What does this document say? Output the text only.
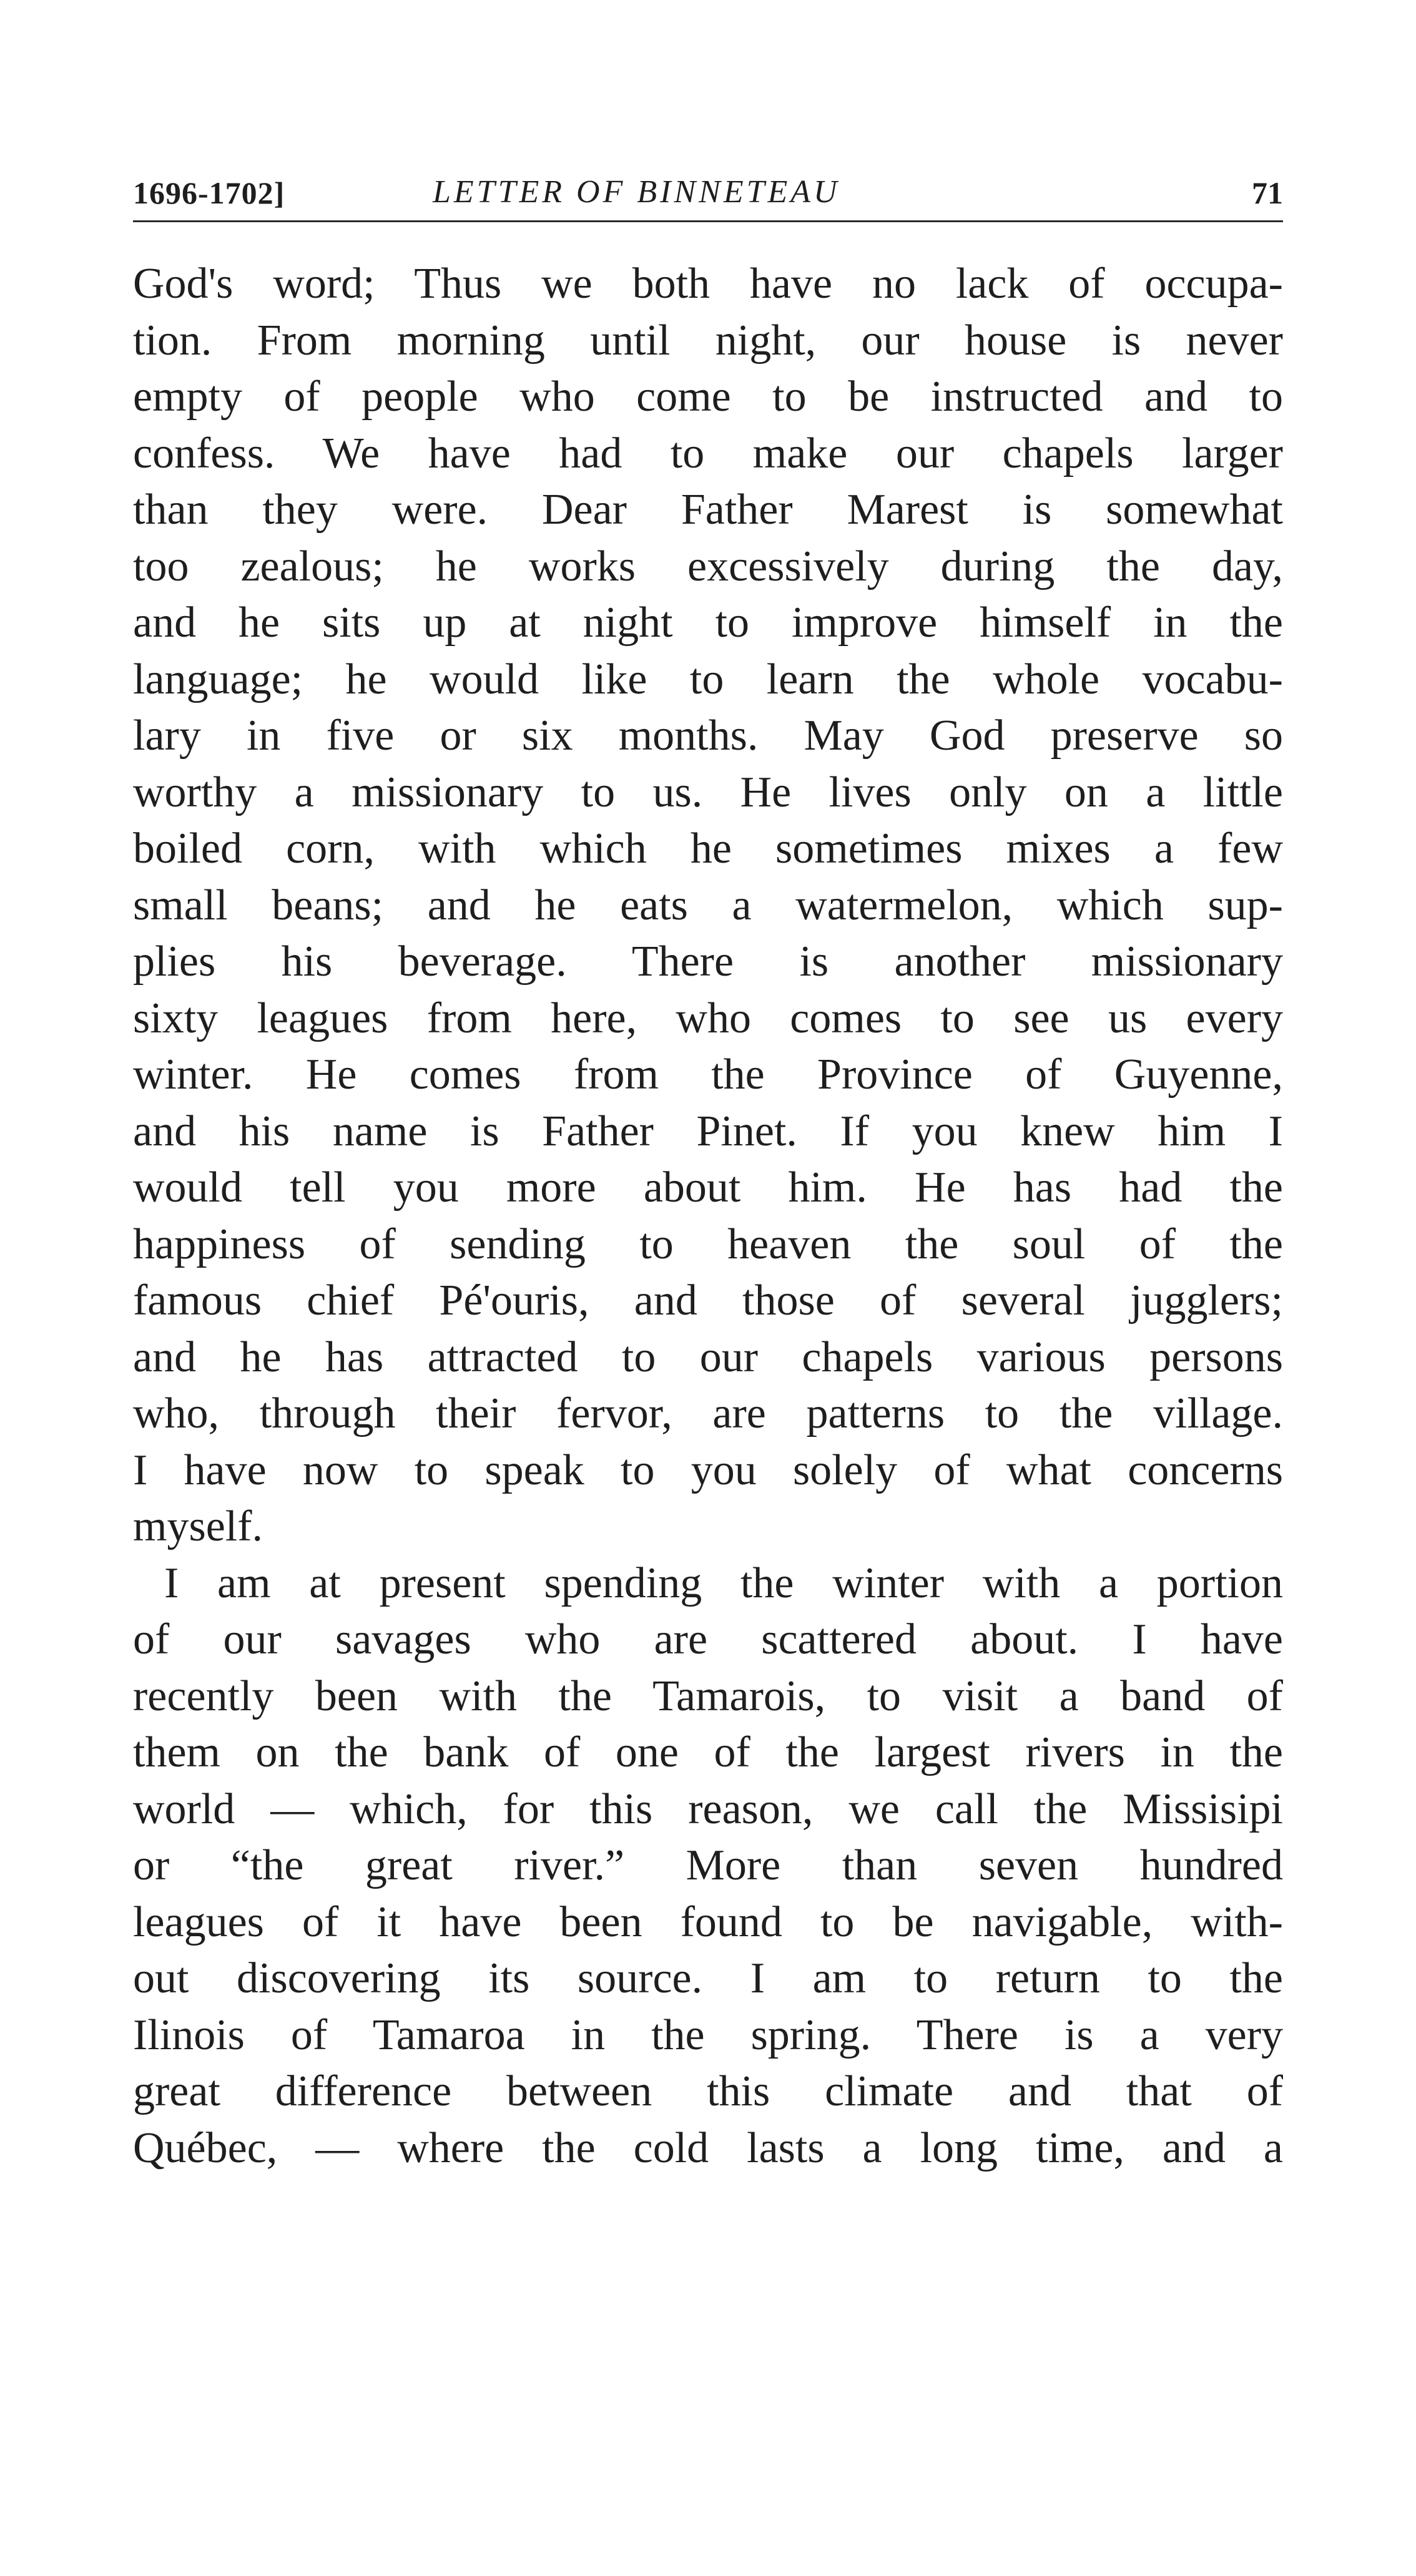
1696-1702]	LETTER OF BINNETEAU	71
God's word; Thus we both have no lack of occupa-
tion. From morning until night, our house is never
empty of people who come to be instructed and to
confess. We have had to make our chapels larger
than they were. Dear Father Marest is somewhat
too zealous; he works excessively during the day,
and he sits up at night to improve himself in the
language; he would like to learn the whole vocabu-
lary in five or six months. May God preserve so
worthy a missionary to us. He lives only on a little
boiled corn, with which he sometimes mixes a few
small beans; and he eats a watermelon, which sup-
plies his beverage. There is another missionary
sixty leagues from here, who comes to see us every
winter. He comes from the Province of Guyenne,
and his name is Father Pinet. If you knew him I
would tell you more about him. He has had the
happiness of sending to heaven the soul of the
famous chief Pé'ouris, and those of several jugglers;
and he has attracted to our chapels various persons
who, through their fervor, are patterns to the village.
I have now to speak to you solely of what concerns
myself.
I am at present spending the winter with a portion
of our savages who are scattered about. I have
recently been with the Tamarois, to visit a band of
them on the bank of one of the largest rivers in the
world — which, for this reason, we call the Missisipi
or “the great river.” More than seven hundred
leagues of it have been found to be navigable, with-
out discovering its source. I am to return to the
Ilinois of Tamaroa in the spring. There is a very
great difference between this climate and that of
Québec, — where the cold lasts a long time, and a
